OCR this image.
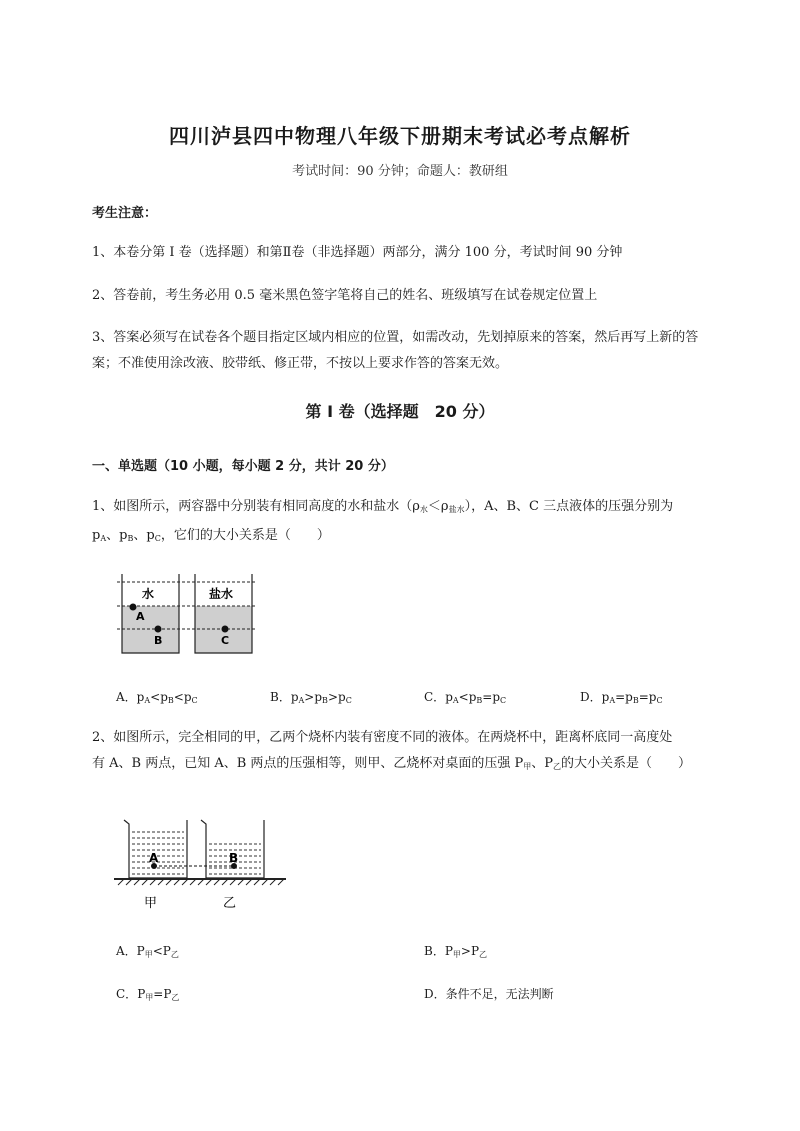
四川泸县四中物理八年级下册期末考试必考点解析
考试时间：90 分钟；命题人：教研组
考生注意：
1、本卷分第 I 卷（选择题）和第Ⅱ卷（非选择题）两部分，满分 100 分，考试时间 90 分钟
2、答卷前，考生务必用 0.5 毫米黑色签字笔将自己的姓名、班级填写在试卷规定位置上
3、答案必须写在试卷各个题目指定区域内相应的位置，如需改动，先划掉原来的答案，然后再写上新的答案；不准使用涂改液、胶带纸、修正带，不按以上要求作答的答案无效。
第 I 卷（选择题　20 分）
一、单选题（10 小题，每小题 2 分，共计 20 分）
1、如图所示，两容器中分别装有相同高度的水和盐水$(\rho_水<\rho_{盐水})$，A、B、C 三点液体的压强分别为
$p_A$、$p_B$、$p_C$，它们的大小关系是（　　）
水	盐水
A
B	C
A．$p_A<p_B<p_C$	B．$p_A>p_B>p_C$	C．$p_A<p_B=p_C$	D．$p_A=p_B=p_C$
2、如图所示，完全相同的甲，乙两个烧杯内装有密度不同的液体。在两烧杯中，距离杯底同一高度处
有 A、B 两点，已知 A、B 两点的压强相等，则甲、乙烧杯对桌面的压强 $P_甲$、$P_乙$的大小关系是（　　）
A	B
甲	乙
A．$P_甲<P_乙$	B．$P_甲>P_乙$
C．$P_甲=P_乙$	D．条件不足，无法判断
